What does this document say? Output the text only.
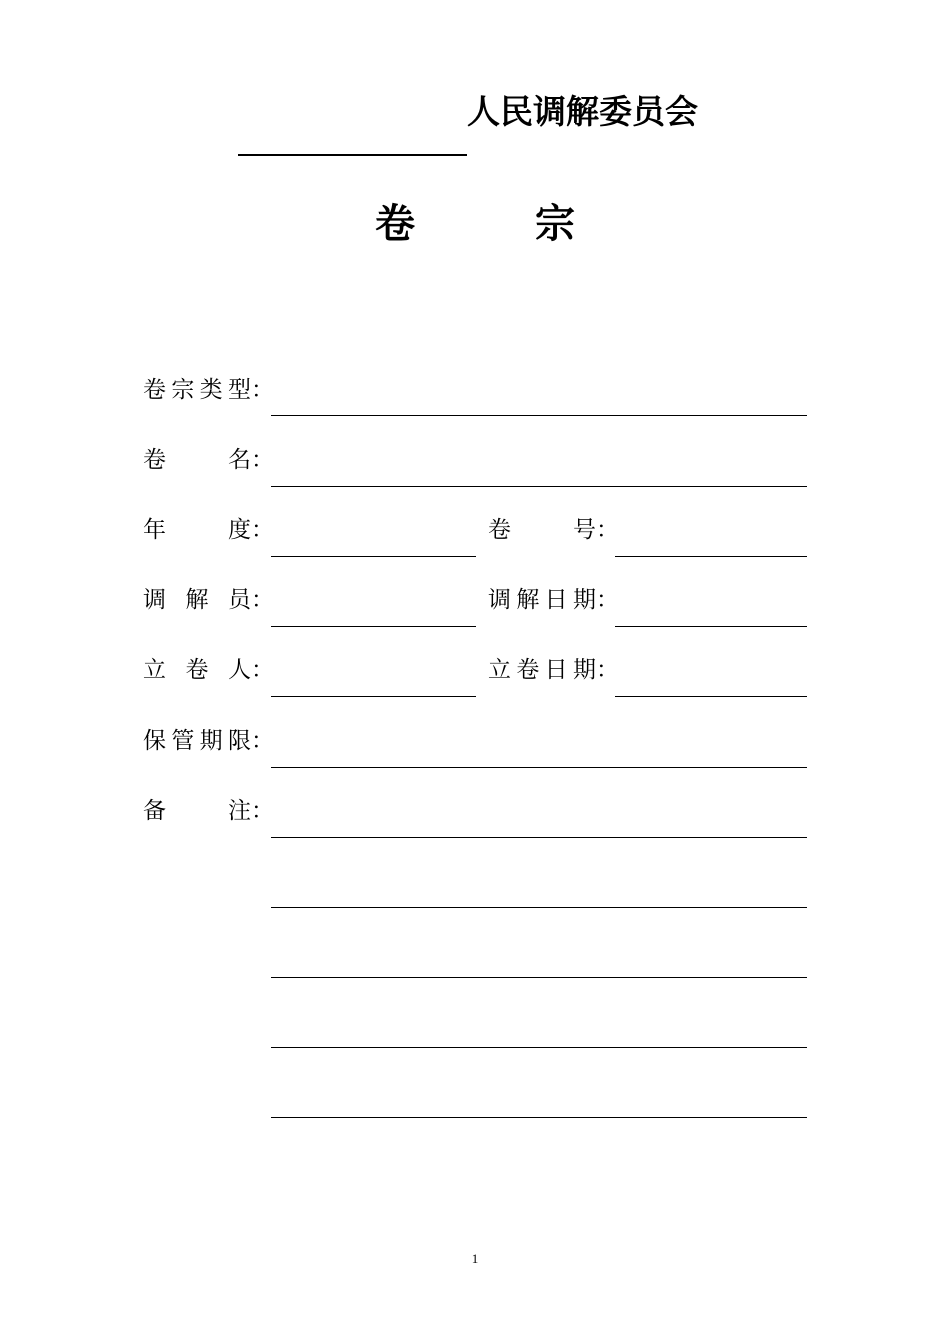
人民调解委员会
卷	宗
卷 宗 类 型 ：
卷	名 ：
年	度 ：	卷	号 ：
调 解 员 ：	调 解 日 期 ：
立 卷 人 ：	立 卷 日 期 ：
保 管 期 限 ：
备	注 ：
1
